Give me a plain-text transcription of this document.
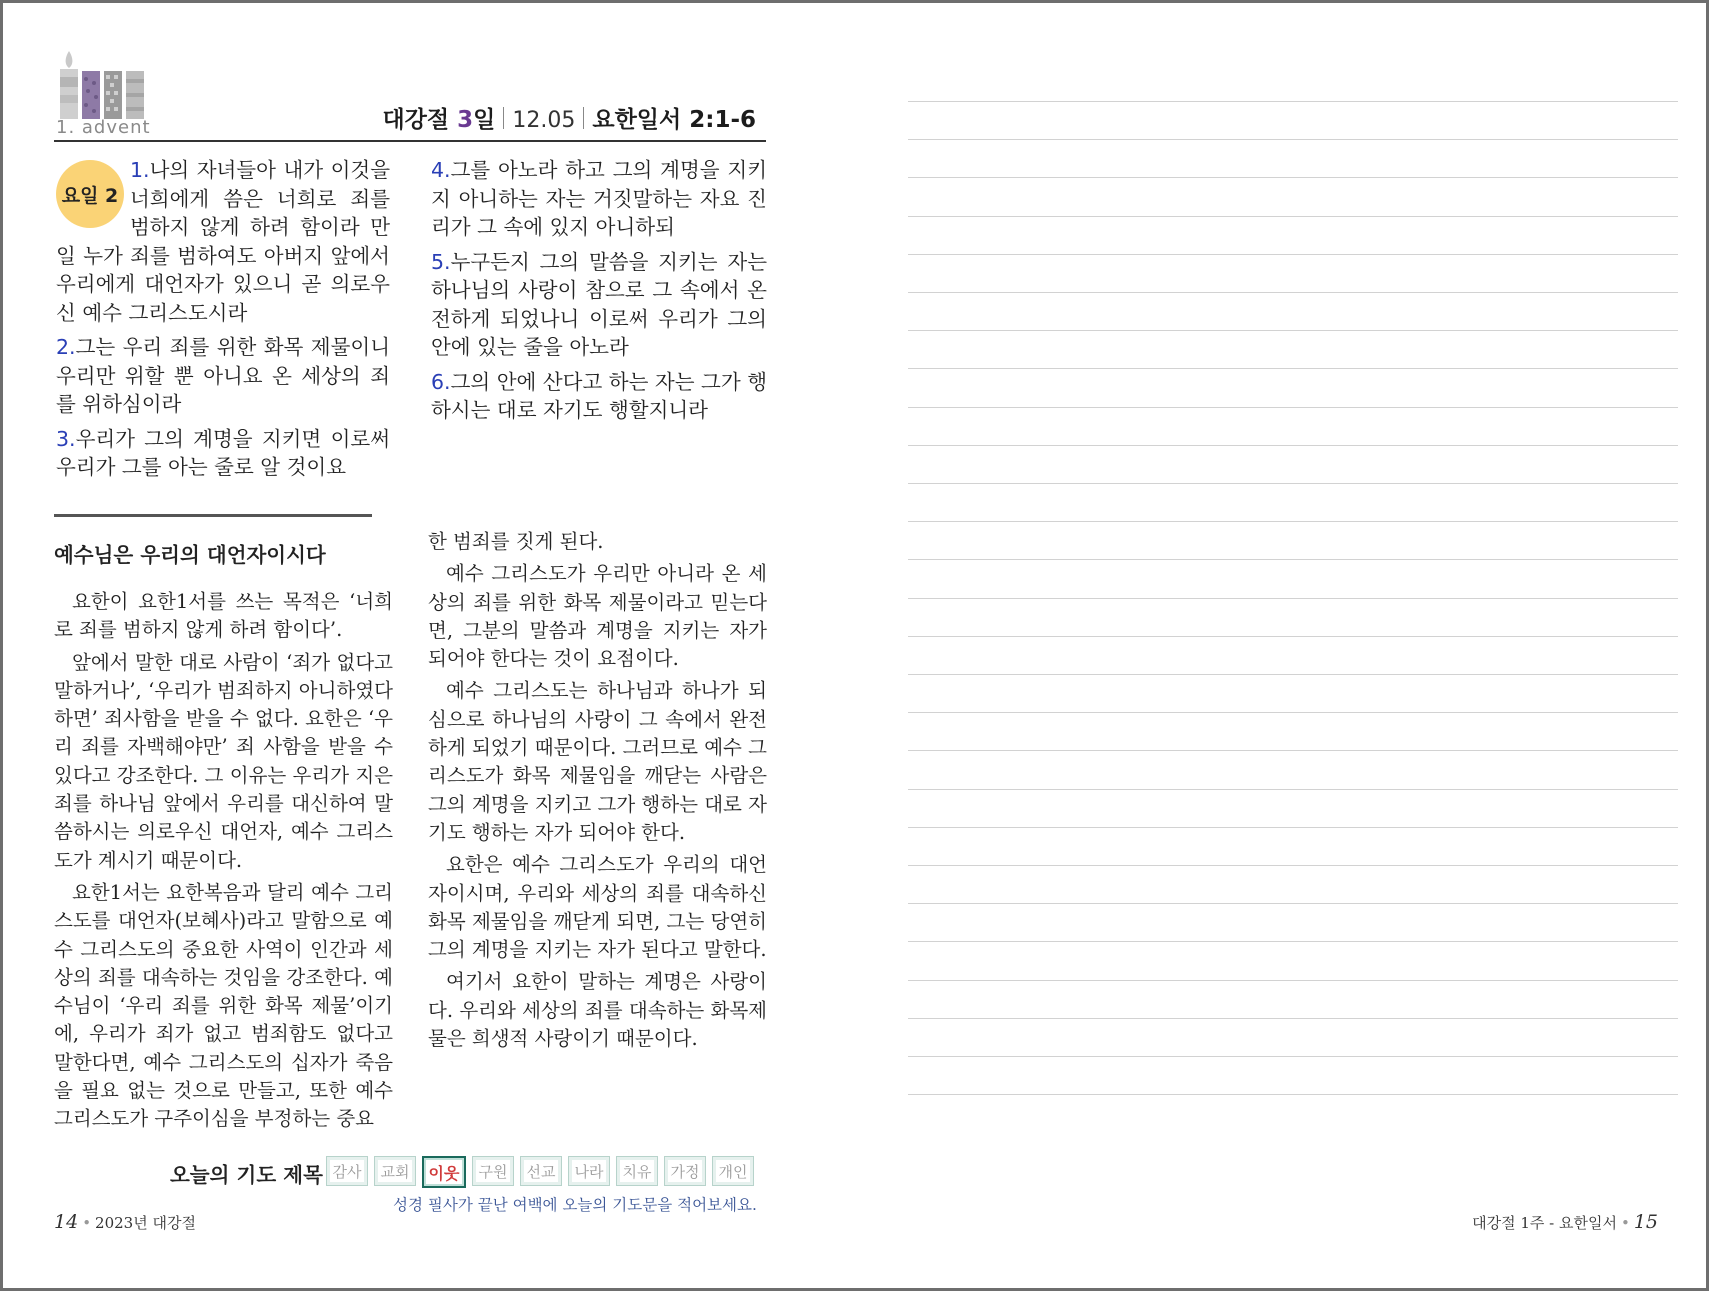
1. advent	대강절 3일 12.05 요한일서 2:1-6
요일 2

1.나의 자녀들아 내가 이것을 너희에게 씀은 너희로 죄를 범하지 않게 하려 함이라 만일 누가 죄를 범하여도 아버지 앞에서 우리에게 대언자가 있으니 곧 의로우신 예수 그리스도시라

2.그는 우리 죄를 위한 화목 제물이니 우리만 위할 뿐 아니요 온 세상의 죄를 위하심이라

3.우리가 그의 계명을 지키면 이로써 우리가 그를 아는 줄로 알 것이요

4.그를 아노라 하고 그의 계명을 지키지 아니하는 자는 거짓말하는 자요 진리가 그 속에 있지 아니하되

5.누구든지 그의 말씀을 지키는 자는 하나님의 사랑이 참으로 그 속에서 온전하게 되었나니 이로써 우리가 그의 안에 있는 줄을 아노라

6.그의 안에 산다고 하는 자는 그가 행하시는 대로 자기도 행할지니라

예수님은 우리의 대언자이시다

요한이 요한1서를 쓰는 목적은 ‘너희로 죄를 범하지 않게 하려 함이다’.

앞에서 말한 대로 사람이 ‘죄가 없다고 말하거나’, ‘우리가 범죄하지 아니하였다 하면’ 죄사함을 받을 수 없다. 요한은 ‘우리 죄를 자백해야만’ 죄 사함을 받을 수 있다고 강조한다. 그 이유는 우리가 지은 죄를 하나님 앞에서 우리를 대신하여 말씀하시는 의로우신 대언자, 예수 그리스도가 계시기 때문이다.

요한1서는 요한복음과 달리 예수 그리스도를 대언자(보혜사)라고 말함으로 예수 그리스도의 중요한 사역이 인간과 세상의 죄를 대속하는 것임을 강조한다. 예수님이 ‘우리 죄를 위한 화목 제물’이기에, 우리가 죄가 없고 범죄함도 없다고 말한다면, 예수 그리스도의 십자가 죽음을 필요 없는 것으로 만들고, 또한 예수 그리스도가 구주이심을 부정하는 중요

한 범죄를 짓게 된다.

예수 그리스도가 우리만 아니라 온 세상의 죄를 위한 화목 제물이라고 믿는다면, 그분의 말씀과 계명을 지키는 자가 되어야 한다는 것이 요점이다.

예수 그리스도는 하나님과 하나가 되심으로 하나님의 사랑이 그 속에서 완전하게 되었기 때문이다. 그러므로 예수 그리스도가 화목 제물임을 깨닫는 사람은 그의 계명을 지키고 그가 행하는 대로 자기도 행하는 자가 되어야 한다.

요한은 예수 그리스도가 우리의 대언자이시며, 우리와 세상의 죄를 대속하신 화목 제물임을 깨닫게 되면, 그는 당연히 그의 계명을 지키는 자가 된다고 말한다.

여기서 요한이 말하는 계명은 사랑이다. 우리와 세상의 죄를 대속하는 화목제물은 희생적 사랑이기 때문이다.

오늘의 기도 제목 감사	교회	이웃	구원	선교	나라	치유	가정	개인
성경 필사가 끝난 여백에 오늘의 기도문을 적어보세요.
14 • 2023년 대강절	대강절 1주 - 요한일서 • 15
